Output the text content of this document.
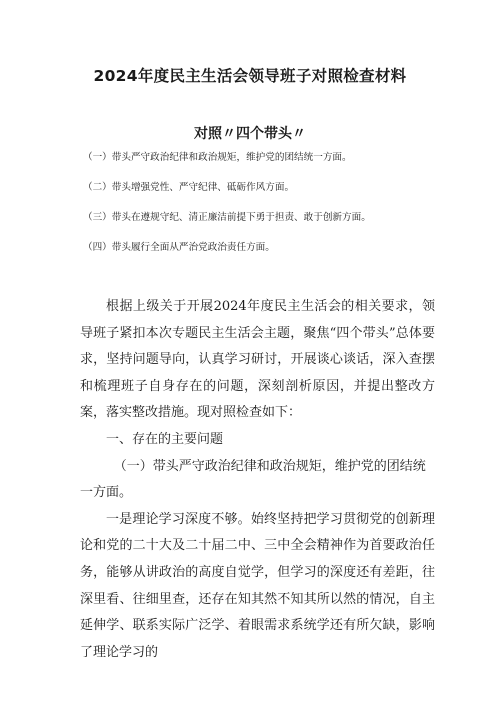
2024年度民主生活会领导班子对照检查材料
对照〃四个带头〃
（一）带头严守政治纪律和政治规矩，维护党的团结统一方面。
（二）带头增强党性、严守纪律、砥砺作风方面。
（三）带头在遵规守纪、清正廉洁前提下勇于担责、敢于创新方面。
（四）带头履行全面从严治党政治责任方面。

根据上级关于开展2024年度民主生活会的相关要求，领导班子紧扣本次专题民主生活会主题，聚焦“四个带头”总体要求，坚持问题导向，认真学习研讨，开展谈心谈话，深入查摆和梳理班子自身存在的问题，深刻剖析原因，并提出整改方案，落实整改措施。现对照检查如下：

一、存在的主要问题

（一）带头严守政治纪律和政治规矩，维护党的团结统一方面。

一是理论学习深度不够。始终坚持把学习贯彻党的创新理论和党的二十大及二十届二中、三中全会精神作为首要政治任务，能够从讲政治的高度自觉学，但学习的深度还有差距，往深里看、往细里查，还存在知其然不知其所以然的情况，自主延伸学、联系实际广泛学、着眼需求系统学还有所欠缺，影响了理论学习的
